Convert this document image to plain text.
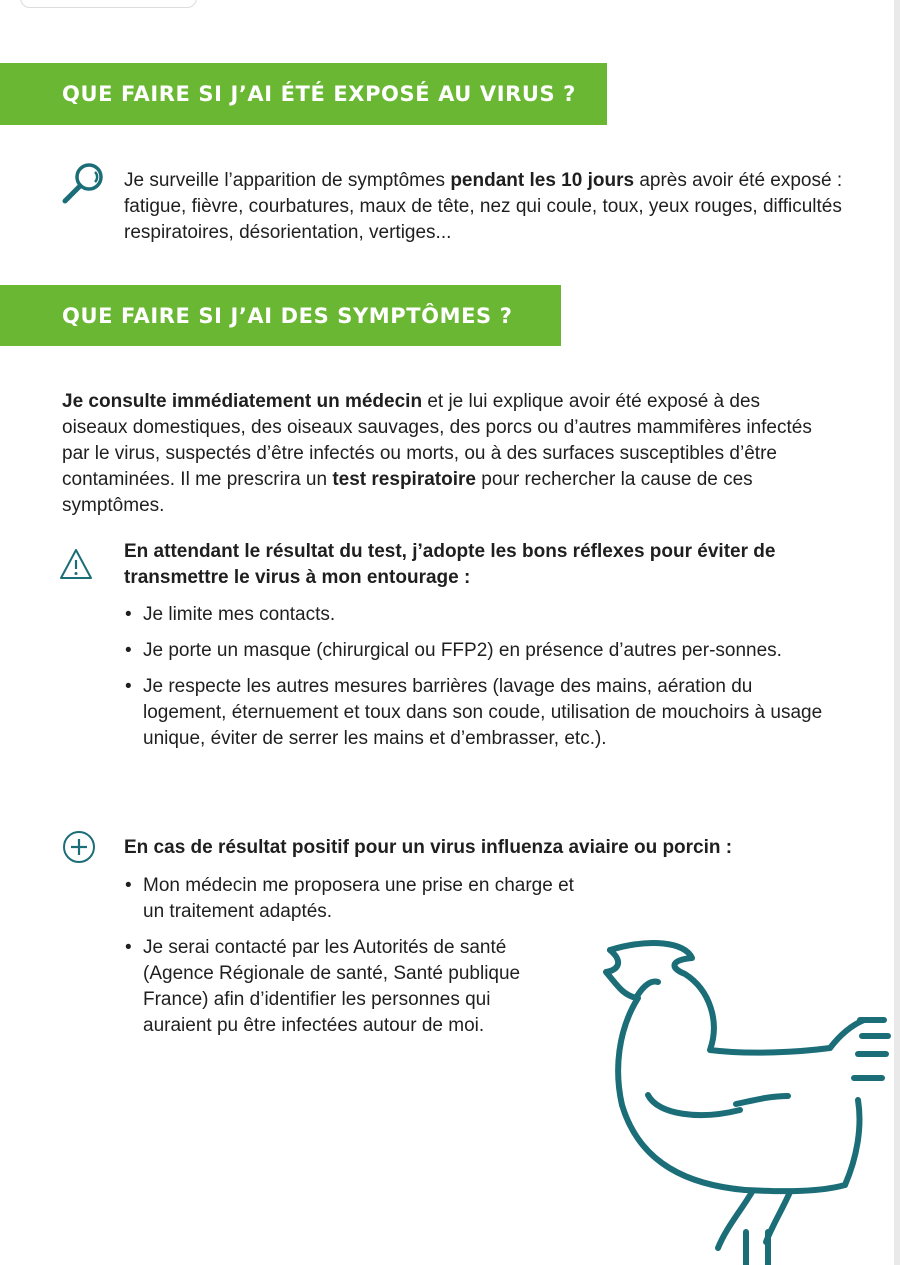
QUE FAIRE SI J’AI ÉTÉ EXPOSÉ AU VIRUS ?
Je surveille l’apparition de symptômes pendant les 10 jours après avoir été exposé : fatigue, fièvre, courbatures, maux de tête, nez qui coule, toux, yeux rouges, difficultés respiratoires, désorientation, vertiges...
QUE FAIRE SI J’AI DES SYMPTÔMES ?
Je consulte immédiatement un médecin et je lui explique avoir été exposé à des oiseaux domestiques, des oiseaux sauvages, des porcs ou d’autres mammifères infectés par le virus, suspectés d’être infectés ou morts, ou à des surfaces susceptibles d’être contaminées. Il me prescrira un test respiratoire pour rechercher la cause de ces symptômes.
En attendant le résultat du test, j’adopte les bons réflexes pour éviter de transmettre le virus à mon entourage :
• Je limite mes contacts.
• Je porte un masque (chirurgical ou FFP2) en présence d’autres per-sonnes.
• Je respecte les autres mesures barrières (lavage des mains, aération du logement, éternuement et toux dans son coude, utilisation de mouchoirs à usage unique, éviter de serrer les mains et d’embrasser, etc.).
En cas de résultat positif pour un virus influenza aviaire ou porcin :
• Mon médecin me proposera une prise en charge et un traitement adaptés.
• Je serai contacté par les Autorités de santé (Agence Régionale de santé, Santé publique France) afin d’identifier les personnes qui auraient pu être infectées autour de moi.
